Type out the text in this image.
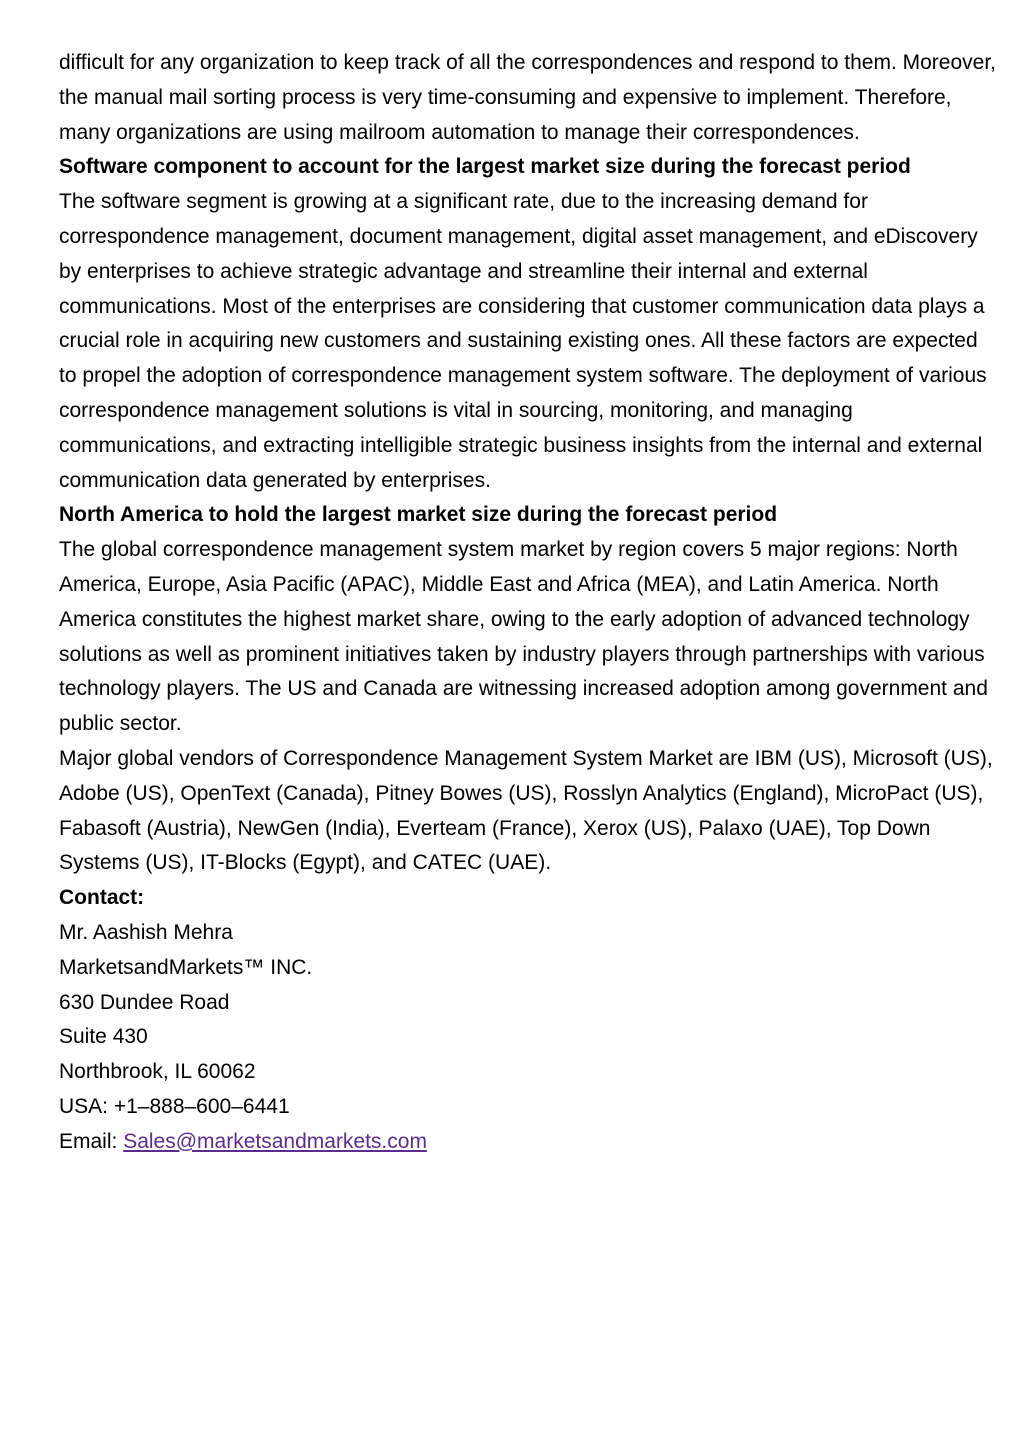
difficult for any organization to keep track of all the correspondences and respond to them. Moreover, the manual mail sorting process is very time-consuming and expensive to implement. Therefore, many organizations are using mailroom automation to manage their correspondences.

Software component to account for the largest market size during the forecast period

The software segment is growing at a significant rate, due to the increasing demand for correspondence management, document management, digital asset management, and eDiscovery by enterprises to achieve strategic advantage and streamline their internal and external communications. Most of the enterprises are considering that customer communication data plays a crucial role in acquiring new customers and sustaining existing ones. All these factors are expected to propel the adoption of correspondence management system software. The deployment of various correspondence management solutions is vital in sourcing, monitoring, and managing communications, and extracting intelligible strategic business insights from the internal and external communication data generated by enterprises.

North America to hold the largest market size during the forecast period

The global correspondence management system market by region covers 5 major regions: North America, Europe, Asia Pacific (APAC), Middle East and Africa (MEA), and Latin America. North America constitutes the highest market share, owing to the early adoption of advanced technology solutions as well as prominent initiatives taken by industry players through partnerships with various technology players. The US and Canada are witnessing increased adoption among government and public sector.

Major global vendors of Correspondence Management System Market are IBM (US), Microsoft (US), Adobe (US), OpenText (Canada), Pitney Bowes (US), Rosslyn Analytics (England), MicroPact (US), Fabasoft (Austria), NewGen (India), Everteam (France), Xerox (US), Palaxo (UAE), Top Down Systems (US), IT-Blocks (Egypt), and CATEC (UAE).

Contact:

Mr. Aashish Mehra

MarketsandMarkets™ INC.

630 Dundee Road

Suite 430

Northbrook, IL 60062

USA: +1–888–600–6441

Email: Sales@marketsandmarkets.com
